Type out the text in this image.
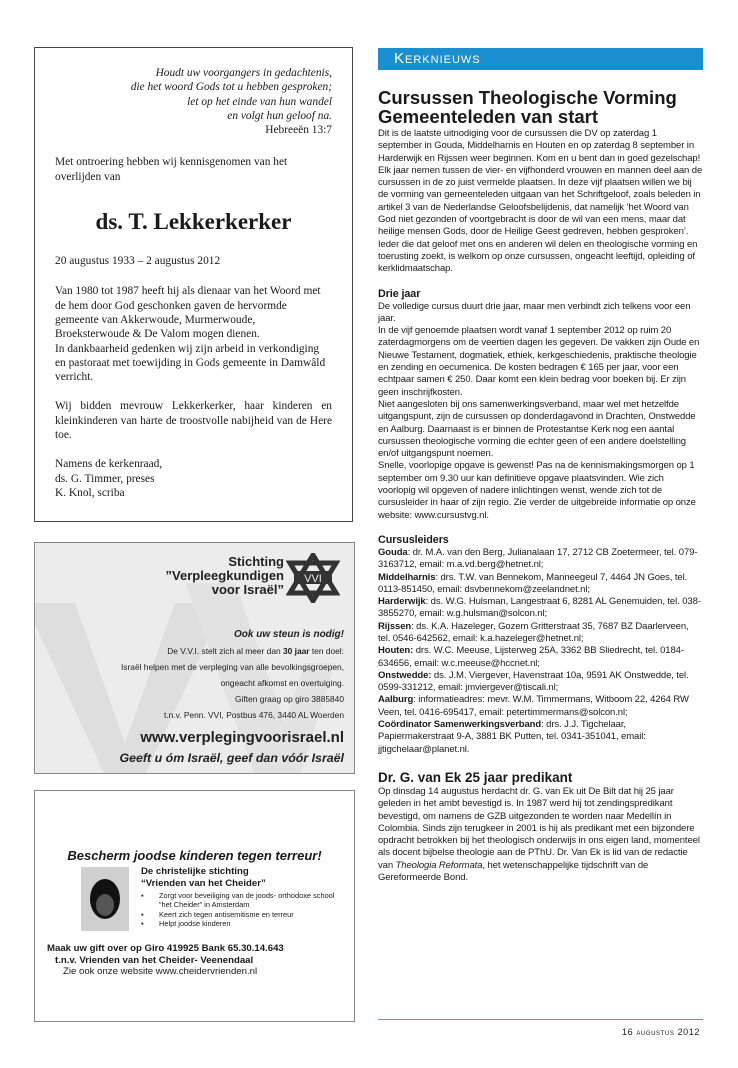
Houdt uw voorgangers in gedachtenis,
die het woord Gods tot u hebben gesproken;
let op het einde van hun wandel
en volgt hun geloof na.
Hebreeën 13:7

Met ontroering hebben wij kennisgenomen van het overlijden van

ds. T. Lekkerkerker

20 augustus 1933 – 2 augustus 2012

Van 1980 tot 1987 heeft hij als dienaar van het Woord met de hem door God geschonken gaven de hervormde gemeente van Akkerwoude, Murmerwoude, Broeksterwoude & De Valom mogen dienen.

In dankbaarheid gedenken wij zijn arbeid in verkondiging en pastoraat met toewijding in Gods gemeente in Damwâld verricht.

Wij bidden mevrouw Lekkerkerker, haar kinderen en kleinkinderen van harte de troostvolle nabijheid van de Here toe.

Namens de kerkenraad,
ds. G. Timmer, preses
K. Knol, scriba
Stichting
”Verpleegkundigen
voor Israël”
VVI
Ook uw steun is nodig!
De V.V.I. stelt zich al meer dan 30 jaar ten doel:
Israël helpen met de verpleging van alle bevolkingsgroepen,
ongeacht afkomst en overtuiging.
Giften graag op giro 3885840
t.n.v. Penn. VVI, Postbus 476, 3440 AL Woerden
www.verplegingvoorisrael.nl
Geeft u óm Israël, geef dan vóór Israël
Bescherm joodse kinderen tegen terreur!
De christelijke stichting
“Vrienden van het Cheider”
▪ Zorgt voor beveiliging van de joods- orthodoxe school “het Cheider” in Amsterdam
▪ Keert zich tegen antisemitisme en terreur
▪ Helpt joodse kinderen
Maak uw gift over op Giro 419925 Bank 65.30.14.643
t.n.v. Vrienden van het Cheider- Veenendaal
Zie ook onze website www.cheidervrienden.nl
Kerknieuws
Cursussen Theologische Vorming Gemeenteleden van start

Dit is de laatste uitnodiging voor de cursussen die DV op zaterdag 1 september in Gouda, Middelharnis en Houten en op zaterdag 8 september in Harderwijk en Rijssen weer beginnen. Kom en u bent dan in goed gezelschap! Elk jaar nemen tussen de vier- en vijfhonderd vrouwen en mannen deel aan de cursussen in de zo juist vermelde plaatsen. In deze vijf plaatsen willen we bij de vorming van gemeenteleden uitgaan van het Schriftgeloof, zoals beleden in artikel 3 van de Nederlandse Geloofsbelijdenis, dat namelijk ‘het Woord van God niet gezonden of voortgebracht is door de wil van een mens, maar dat heilige mensen Gods, door de Heilige Geest gedreven, hebben gesproken’. Ieder die dat geloof met ons en anderen wil delen en theologische vorming en toerusting zoekt, is welkom op onze cursussen, ongeacht leeftijd, opleiding of kerklidmaatschap.

Drie jaar

De volledige cursus duurt drie jaar, maar men verbindt zich telkens voor een jaar.

In de vijf genoemde plaatsen wordt vanaf 1 september 2012 op ruim 20 zaterdagmorgens om de veertien dagen les gegeven. De vakken zijn Oude en Nieuwe Testament, dogmatiek, ethiek, kerkgeschiedenis, praktische theologie en zending en oecumenica. De kosten bedragen € 165 per jaar, voor een echtpaar samen € 250. Daar komt een klein bedrag voor boeken bij. Er zijn geen inschrijfkosten.

Niet aangesloten bij ons samenwerkingsverband, maar wel met hetzelfde uitgangspunt, zijn de cursussen op donderdagavond in Drachten, Onstwedde en Aalburg. Daarnaast is er binnen de Protestantse Kerk nog een aantal cursussen theologische vorming die echter geen of een andere doelstelling en/of uitgangspunt noemen.

Snelle, voorlopige opgave is gewenst! Pas na de kennismakingsmorgen op 1 september om 9.30 uur kan definitieve opgave plaatsvinden. Wie zich voorlopig wil opgeven of nadere inlichtingen wenst, wende zich tot de cursusleider in haar of zijn regio. Zie verder de uitgebreide informatie op onze website: www.cursustvg.nl.

Cursusleiders

Gouda: dr. M.A. van den Berg, Julianalaan 17, 2712 CB Zoetermeer, tel. 079-3163712, email: m.a.vd.berg@hetnet.nl;
Middelharnis: drs. T.W. van Bennekom, Manneegeul 7, 4464 JN Goes, tel. 0113-851450, email: dsvbennekom@zeelandnet.nl;
Harderwijk: ds. W.G. Hulsman, Langestraat 6, 8281 AL Genemuiden, tel. 038-3855270, email: w.g.hulsman@solcon.nl;
Rijssen: ds. K.A. Hazeleger, Gozem Gritterstraat 35, 7687 BZ Daarlerveen, tel. 0546-642562, email: k.a.hazeleger@hetnet.nl;
Houten: drs. W.C. Meeuse, Lijsterweg 25A, 3362 BB Sliedrecht, tel. 0184-634656, email: w.c.meeuse@hccnet.nl;
Onstwedde: ds. J.M. Viergever, Havenstraat 10a, 9591 AK Onstwedde, tel. 0599-331212, email: jmviergever@tiscali.nl;
Aalburg: informatieadres: mevr. W.M. Timmermans, Witboom 22, 4264 RW Veen, tel. 0416-695417, email: petertimmermans@solcon.nl;
Coördinator Samenwerkingsverband: drs. J.J. Tigchelaar, Papiermakerstraat 9-A, 3881 BK Putten, tel. 0341-351041, email: jjtigchelaar@planet.nl.

Dr. G. van Ek 25 jaar predikant

Op dinsdag 14 augustus herdacht dr. G. van Ek uit De Bilt dat hij 25 jaar geleden in het ambt bevestigd is. In 1987 werd hij tot zendingspredikant bevestigd, om namens de GZB uitgezonden te worden naar Medellín in Colombia. Sinds zijn terugkeer in 2001 is hij als predikant met een bijzondere opdracht betrokken bij het theologisch onderwijs in ons eigen land, momenteel als docent bijbelse theologie aan de PThU. Dr. Van Ek is lid van de redactie van Theologia Reformata, het wetenschappelijke tijdschrift van de Gereformeerde Bond.

16 augustus 2012
